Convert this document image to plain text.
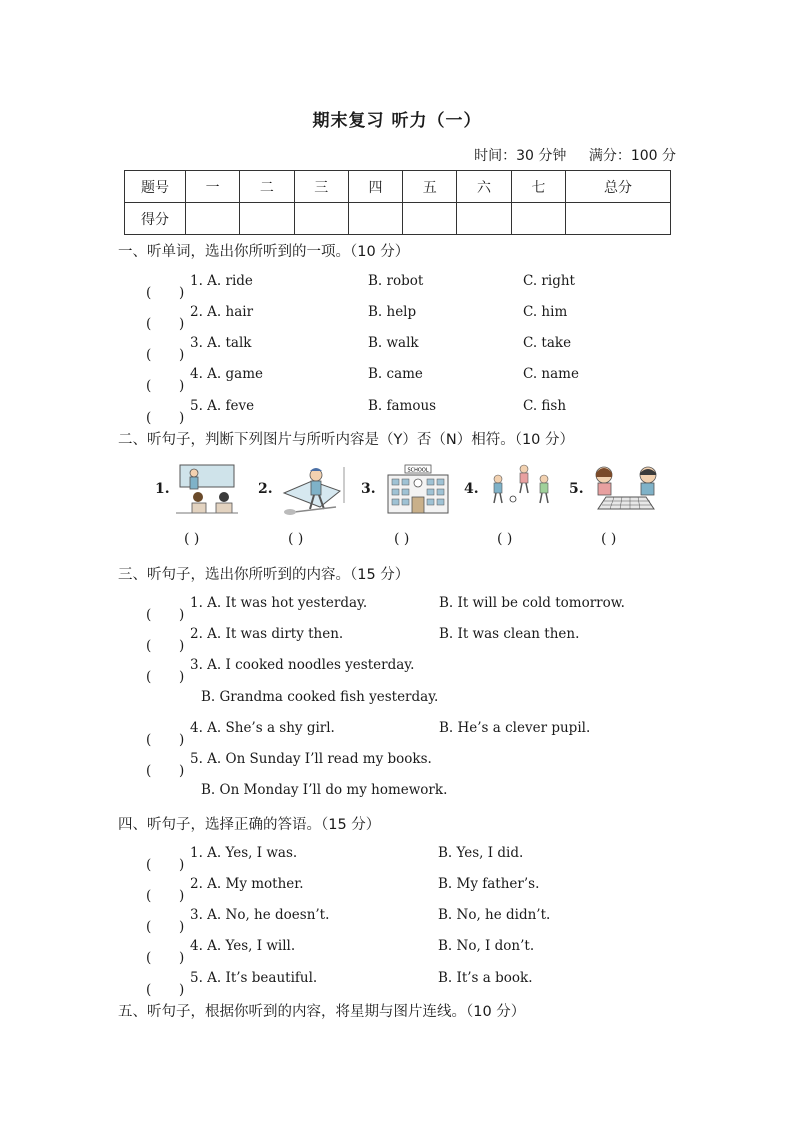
期末复习 听力（一）
时间：30 分钟 满分：100 分
题号	一	二	三	四	五	六	七	总分
得分								
一、听单词，选出你所听到的一项。（10 分）
( )
1. A. ride	B. robot	C. right
( )
2. A. hair	B. help	C. him
( )
3. A. talk	B. walk	C. take
( )
4. A. game	B. came	C. name
( )
5. A. feve	B. famous	C. fish
二、听句子，判断下列图片与所听内容是（Y）否（N）相符。（10 分）
1.	2.	3.
SCHOOL
4.	5.
( )	( )	( )	( )	( )
三、听句子，选出你所听到的内容。（15 分）
( )
1. A. It was hot yesterday.	B. It will be cold tomorrow.
( )
2. A. It was dirty then.	B. It was clean then.
( )
3. A. I cooked noodles yesterday.
B. Grandma cooked fish yesterday.
( )
4. A. She’s a shy girl.	B. He’s a clever pupil.
( )
5. A. On Sunday I’ll read my books.
B. On Monday I’ll do my homework.
四、听句子，选择正确的答语。（15 分）
( )
1. A. Yes, I was.	B. Yes, I did.
( )
2. A. My mother.	B. My father’s.
( )
3. A. No, he doesn’t.	B. No, he didn’t.
( )
4. A. Yes, I will.	B. No, I don’t.
( )
5. A. It’s beautiful.	B. It’s a book.
五、听句子，根据你听到的内容，将星期与图片连线。（10 分）
